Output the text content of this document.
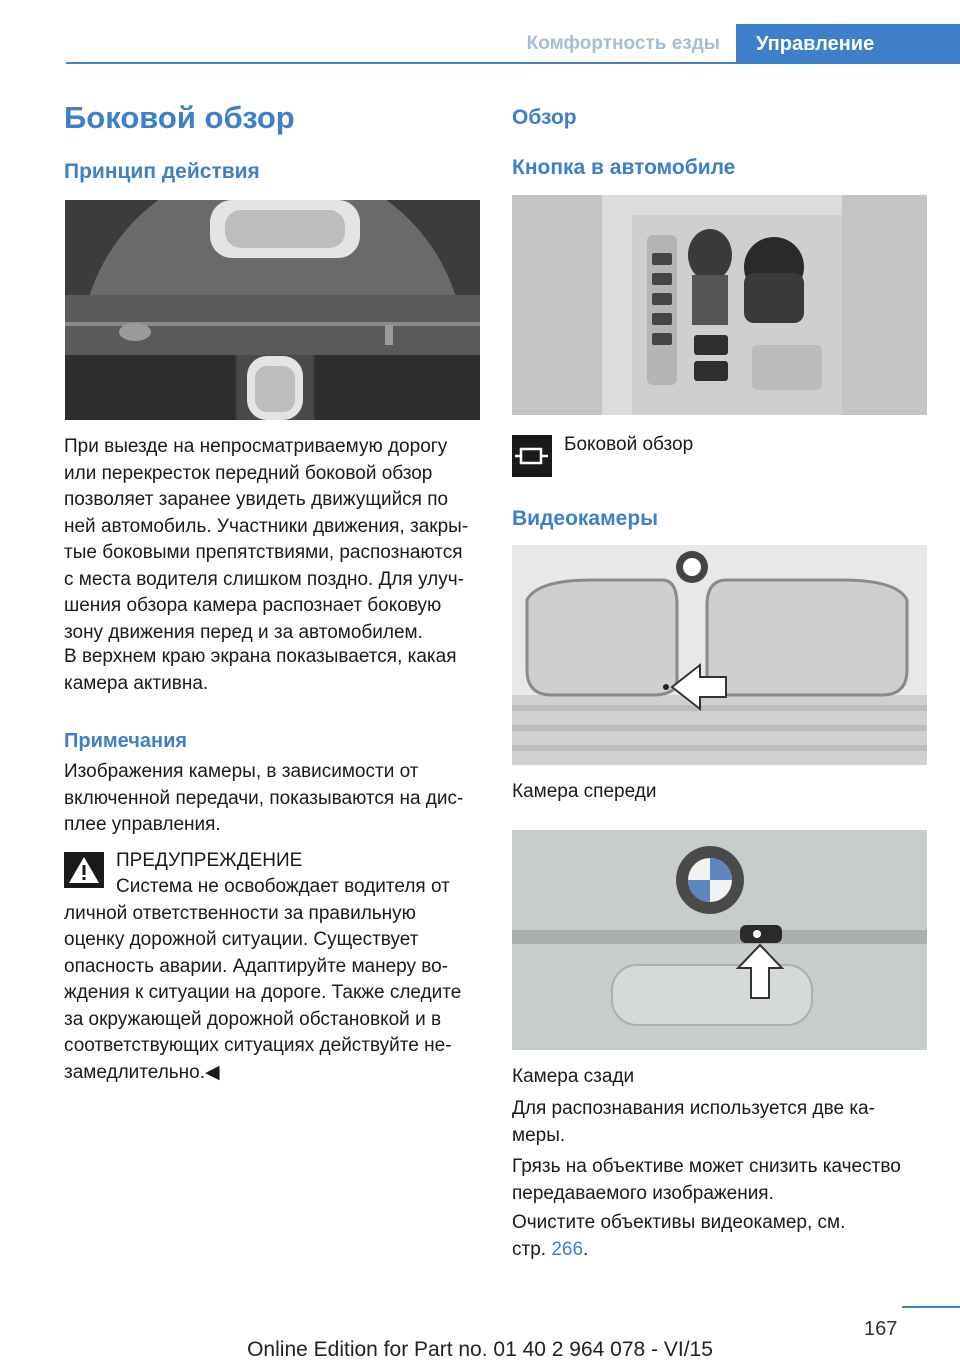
Комфортность езды	Управление
Боковой обзор
Принцип действия
При выезде на непросматриваемую дорогу
или перекресток передний боковой обзор
позволяет заранее увидеть движущийся по
ней автомобиль. Участники движения, закры-
тые боковыми препятствиями, распознаются
с места водителя слишком поздно. Для улуч-
шения обзора камера распознает боковую
зону движения перед и за автомобилем.
В верхнем краю экрана показывается, какая
камера активна.
Примечания
Изображения камеры, в зависимости от
включенной передачи, показываются на дис-
плее управления.
ПРЕДУПРЕЖДЕНИЕ
Система не освобождает водителя от
личной ответственности за правильную
оценку дорожной ситуации. Существует
опасность аварии. Адаптируйте манеру во-
ждения к ситуации на дороге. Также следите
за окружающей дорожной обстановкой и в
соответствующих ситуациях действуйте не-
замедлительно.◀
Обзор
Кнопка в автомобиле
Боковой обзор
Видеокамеры
Камера спереди
Камера сзади
Для распознавания используется две ка-
меры.
Грязь на объективе может снизить качество
передаваемого изображения.
Очистите объективы видеокамер, см.
стр. 266.
167
Online Edition for Part no. 01 40 2 964 078 - VI/15
